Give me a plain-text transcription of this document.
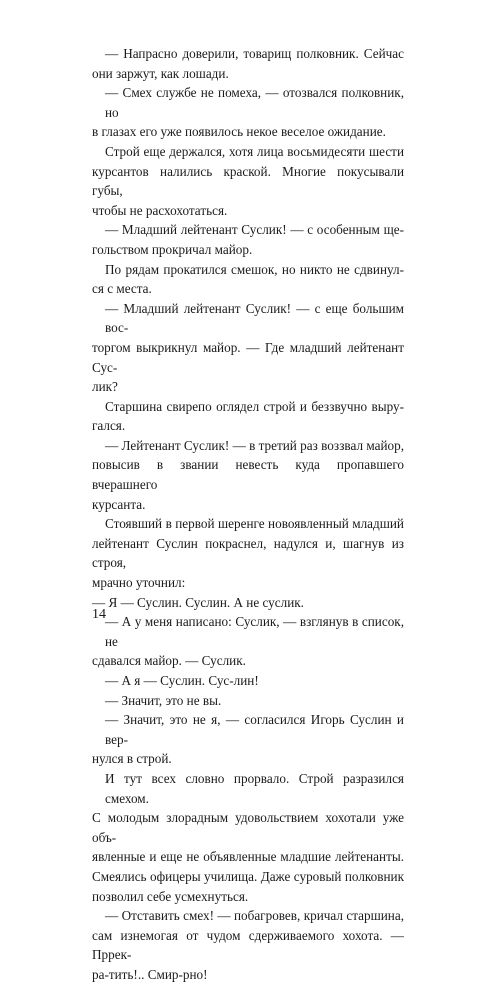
— Напрасно доверили, товарищ полковник. Сейчас
они заржут, как лошади.
— Смех службе не помеха, — отозвался полковник, но
в глазах его уже появилось некое веселое ожидание.
Строй еще держался, хотя лица восьмидесяти шести
курсантов налились краской. Многие покусывали губы,
чтобы не расхохотаться.
— Младший лейтенант Суслик! — с особенным ще-
гольством прокричал майор.
По рядам прокатился смешок, но никто не сдвинул-
ся с места.
— Младший лейтенант Суслик! — с еще большим вос-
торгом выкрикнул майор. — Где младший лейтенант Сус-
лик?
Старшина свирепо оглядел строй и беззвучно выру-
гался.
— Лейтенант Суслик! — в третий раз воззвал майор,
повысив в звании невесть куда пропавшего вчерашнего
курсанта.
Стоявший в первой шеренге новоявленный младший
лейтенант Суслин покраснел, надулся и, шагнув из строя,
мрачно уточнил:
— Я — Суслин. Суслин. А не суслик.
— А у меня написано: Суслик, — взглянув в список, не
сдавался майор. — Суслик.
— А я — Суслин. Сус-лин!
— Значит, это не вы.
— Значит, это не я, — согласился Игорь Суслин и вер-
нулся в строй.
И тут всех словно прорвало. Строй разразился смехом.
С молодым злорадным удовольствием хохотали уже объ-
явленные и еще не объявленные младшие лейтенанты.
Смеялись офицеры училища. Даже суровый полковник
позволил себе усмехнуться.
— Отставить смех! — побагровев, кричал старшина,
сам изнемогая от чудом сдерживаемого хохота. — Пррек-
ра-тить!.. Смир-рно!
14
